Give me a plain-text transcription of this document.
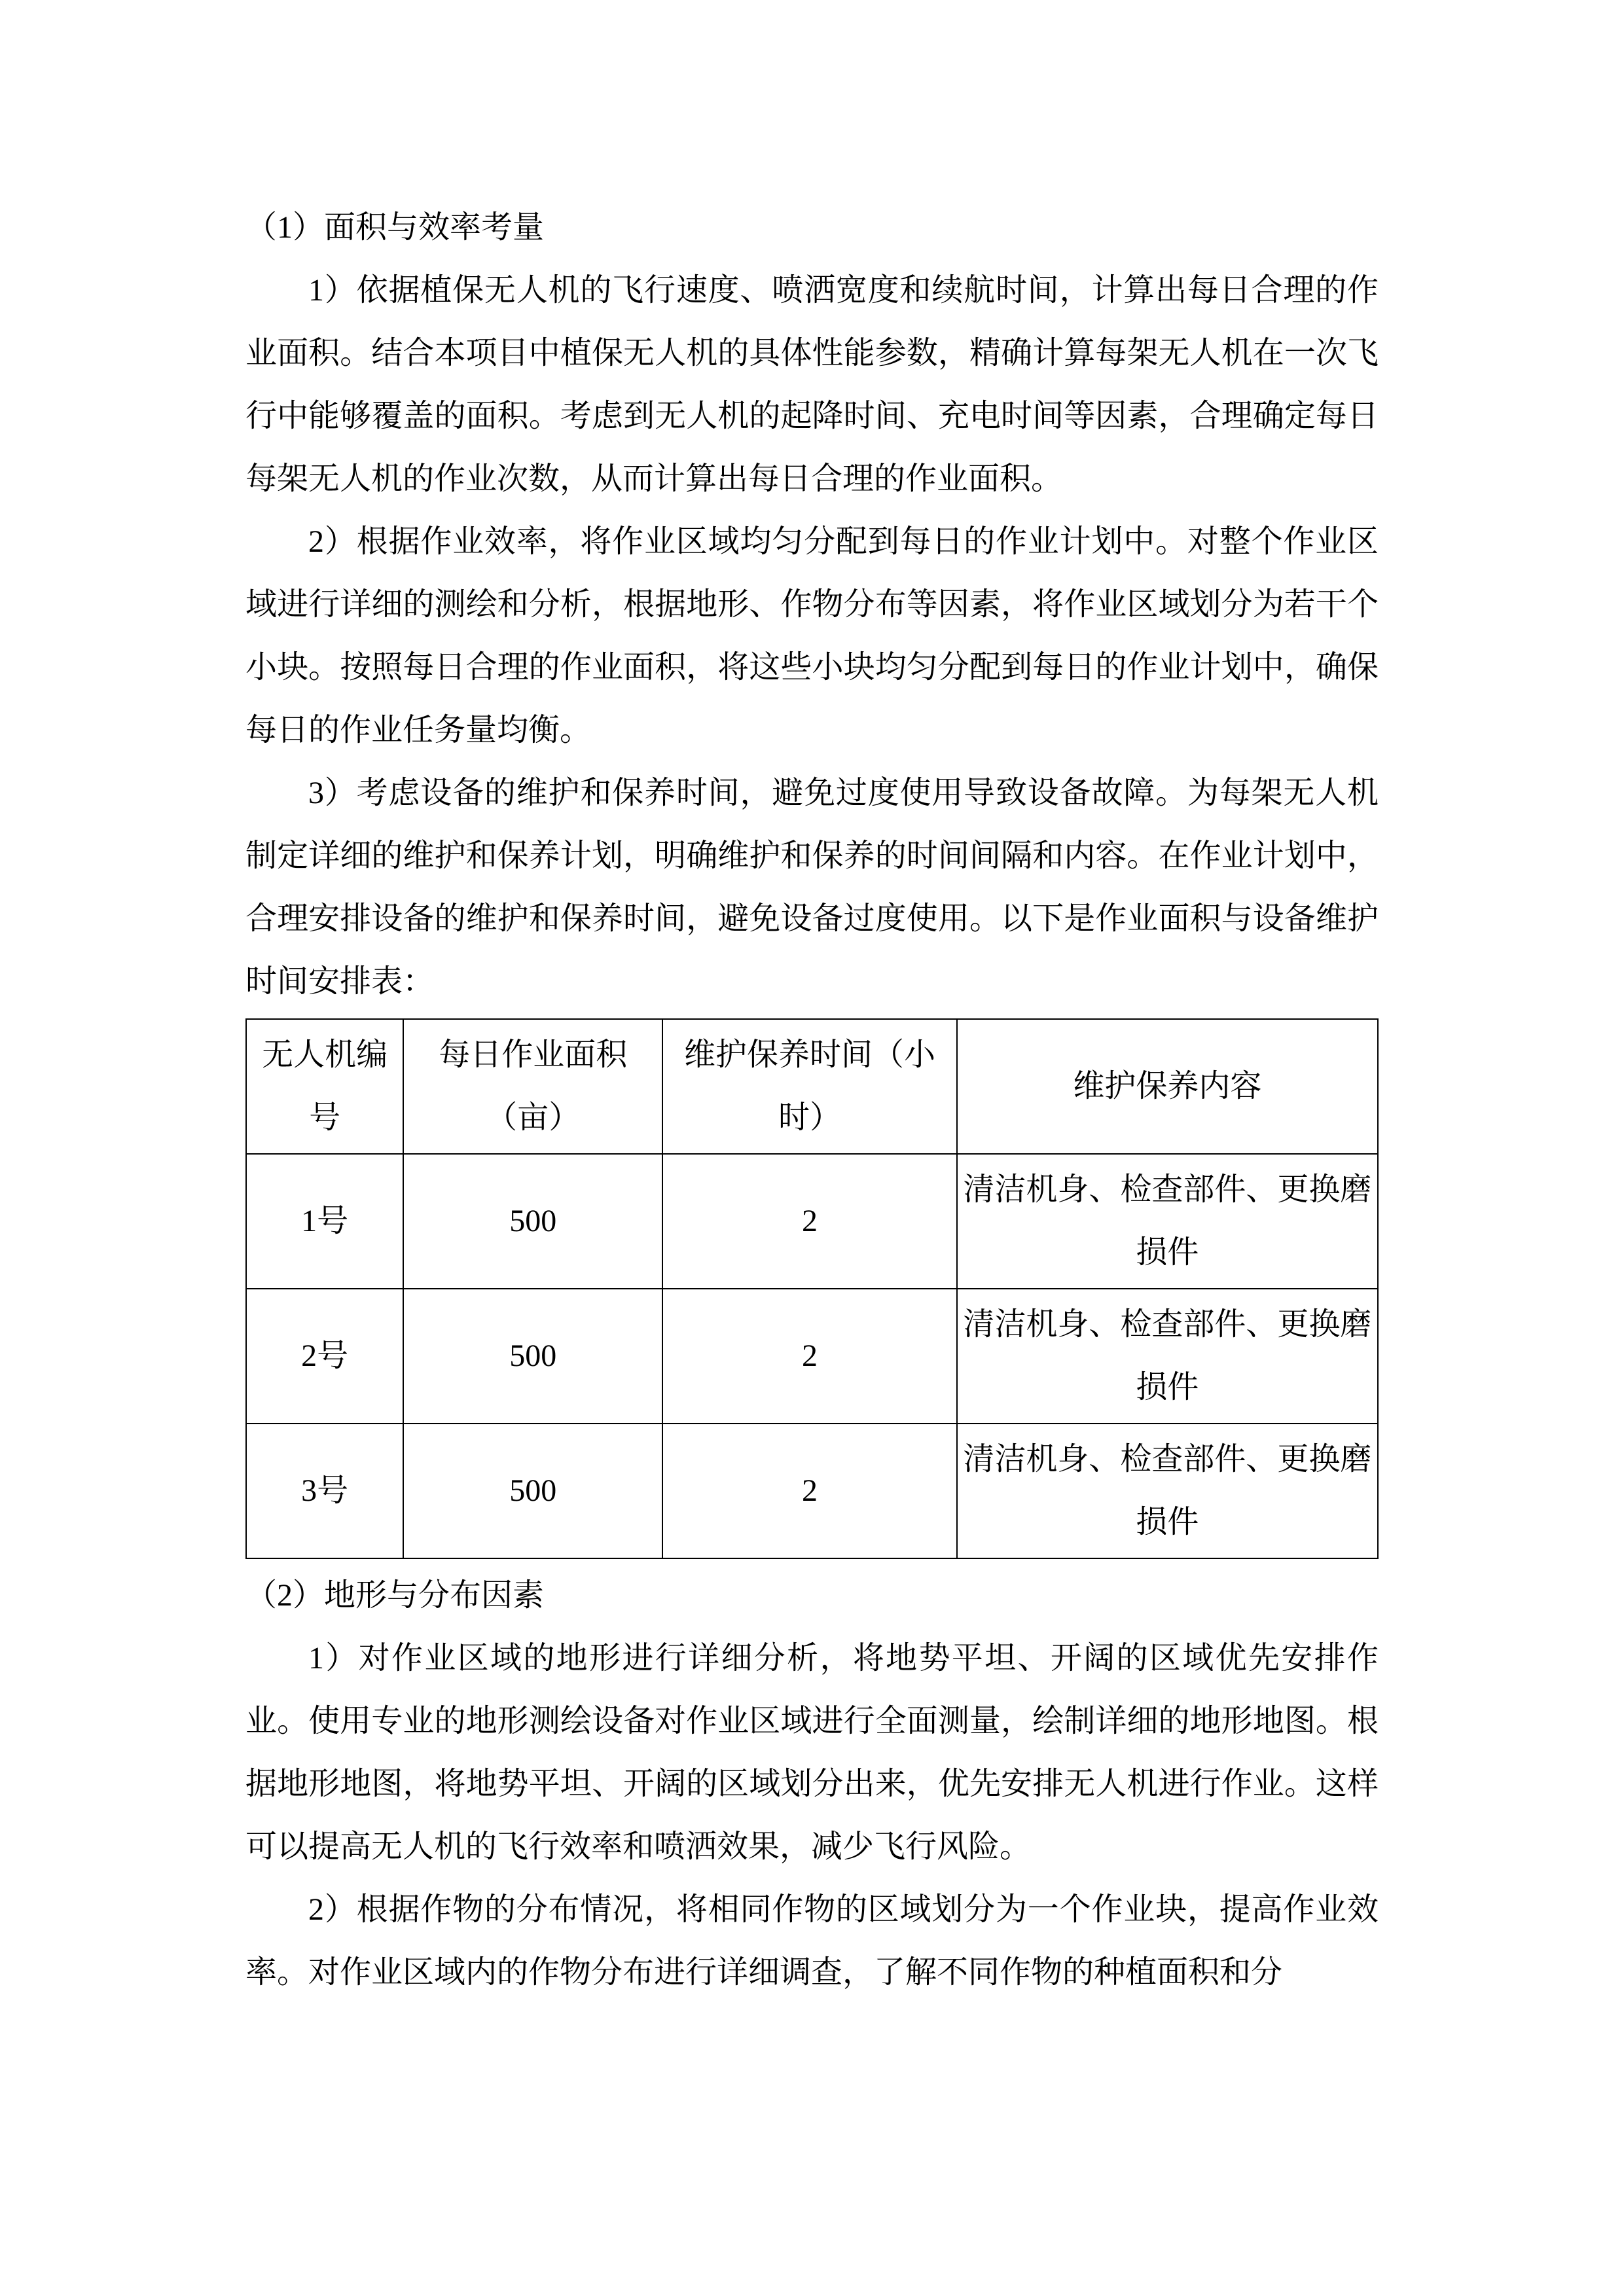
（1）面积与效率考量

1）依据植保无人机的飞行速度、喷洒宽度和续航时间，计算出每日合理的作业面积。结合本项目中植保无人机的具体性能参数，精确计算每架无人机在一次飞行中能够覆盖的面积。考虑到无人机的起降时间、充电时间等因素，合理确定每日每架无人机的作业次数，从而计算出每日合理的作业面积。

2）根据作业效率，将作业区域均匀分配到每日的作业计划中。对整个作业区域进行详细的测绘和分析，根据地形、作物分布等因素，将作业区域划分为若干个小块。按照每日合理的作业面积，将这些小块均匀分配到每日的作业计划中，确保每日的作业任务量均衡。

3）考虑设备的维护和保养时间，避免过度使用导致设备故障。为每架无人机制定详细的维护和保养计划，明确维护和保养的时间间隔和内容。在作业计划中，合理安排设备的维护和保养时间，避免设备过度使用。以下是作业面积与设备维护时间安排表：

无人机编号	每日作业面积（亩）	维护保养时间（小时）	维护保养内容
1号	500	2	清洁机身、检查部件、更换磨损件
2号	500	2	清洁机身、检查部件、更换磨损件
3号	500	2	清洁机身、检查部件、更换磨损件

（2）地形与分布因素

1）对作业区域的地形进行详细分析，将地势平坦、开阔的区域优先安排作业。使用专业的地形测绘设备对作业区域进行全面测量，绘制详细的地形地图。根据地形地图，将地势平坦、开阔的区域划分出来，优先安排无人机进行作业。这样可以提高无人机的飞行效率和喷洒效果，减少飞行风险。

2）根据作物的分布情况，将相同作物的区域划分为一个作业块，提高作业效率。对作业区域内的作物分布进行详细调查，了解不同作物的种植面积和分
